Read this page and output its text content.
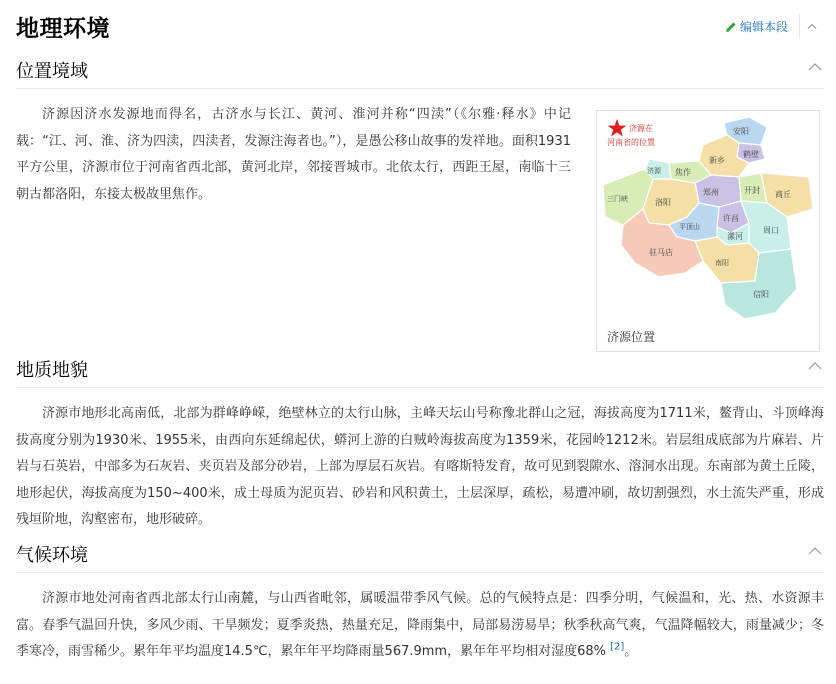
地理环境	编辑本段
位置境域

济源因济水发源地而得名，古济水与长江、黄河、淮河并称“四渎”（《尔雅·释水》中记载：“江、河、淮、济为四渎，四渎者，发源注海者也。”），是愚公移山故事的发祥地。面积1931平方公里，济源市位于河南省西北部，黄河北岸，邻接晋城市。北依太行，西距王屋，南临十三朝古都洛阳，东接太极故里焦作。

安阳
鹤壁
新乡
焦作
济源
郑州	开封 商丘
洛阳
三门峡
平顶山
许昌
漯河
周口
驻马店
南阳
信阳
济源在
河南省的位置
济源位置
地质地貌

济源市地形北高南低，北部为群峰峥嵘，绝壁林立的太行山脉，主峰天坛山号称豫北群山之冠，海拔高度为1711米，鳌背山、斗顶峰海拔高度分别为1930米、1955米，由西向东延绵起伏，蟒河上游的白贼岭海拔高度为1359米，花园岭1212米。岩层组成底部为片麻岩、片岩与石英岩，中部多为石灰岩、夹页岩及部分砂岩，上部为厚层石灰岩。有喀斯特发育，故可见到裂隙水、溶洞水出现。东南部为黄土丘陵，地形起伏，海拔高度为150~400米，成土母质为泥页岩、砂岩和风积黄土，土层深厚，疏松，易遭冲刷，故切割强烈，水土流失严重，形成残垣阶地，沟壑密布，地形破碎。

气候环境

济源市地处河南省西北部太行山南麓，与山西省毗邻，属暖温带季风气候。总的气候特点是：四季分明，气候温和，光、热、水资源丰富。春季气温回升快，多风少雨、干旱频发；夏季炎热，热量充足，降雨集中，局部易涝易旱；秋季秋高气爽，气温降幅较大，雨量减少；冬季寒冷，雨雪稀少。累年年平均温度14.5℃，累年年平均降雨量567.9mm，累年年平均相对湿度68% [2]。
